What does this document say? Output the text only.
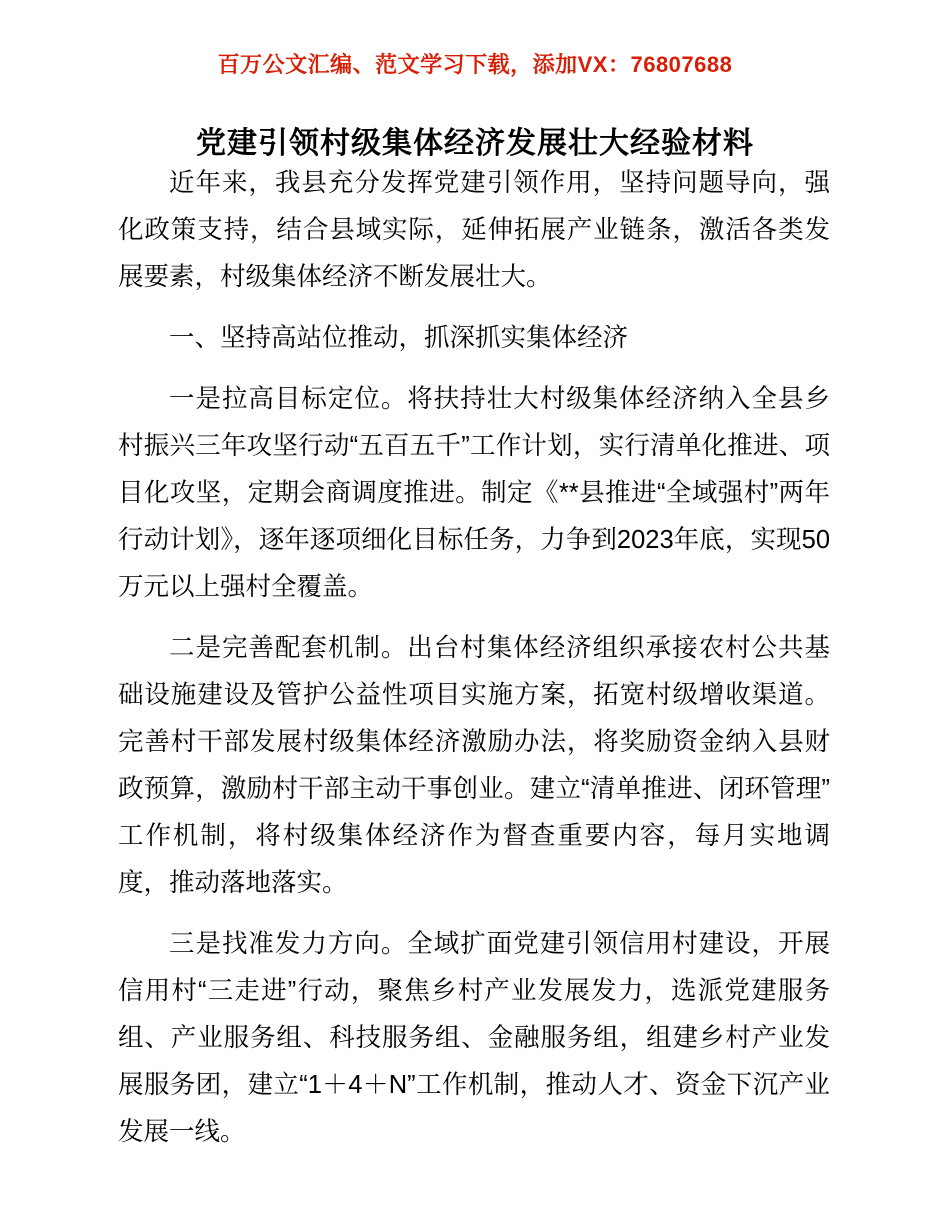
百万公文汇编、范文学习下载，添加VX：76807688
党建引领村级集体经济发展壮大经验材料

近年来，我县充分发挥党建引领作用，坚持问题导向，强化政策支持，结合县域实际，延伸拓展产业链条，激活各类发展要素，村级集体经济不断发展壮大。

一、坚持高站位推动，抓深抓实集体经济

一是拉高目标定位。将扶持壮大村级集体经济纳入全县乡村振兴三年攻坚行动“五百五千”工作计划，实行清单化推进、项目化攻坚，定期会商调度推进。制定《**县推进“全域强村”两年行动计划》，逐年逐项细化目标任务，力争到2023年底，实现50万元以上强村全覆盖。

二是完善配套机制。出台村集体经济组织承接农村公共基础设施建设及管护公益性项目实施方案，拓宽村级增收渠道。完善村干部发展村级集体经济激励办法，将奖励资金纳入县财政预算，激励村干部主动干事创业。建立“清单推进、闭环管理”工作机制，将村级集体经济作为督查重要内容，每月实地调度，推动落地落实。

三是找准发力方向。全域扩面党建引领信用村建设，开展信用村“三走进”行动，聚焦乡村产业发展发力，选派党建服务组、产业服务组、科技服务组、金融服务组，组建乡村产业发展服务团，建立“1＋4＋N”工作机制，推动人才、资金下沉产业发展一线。
